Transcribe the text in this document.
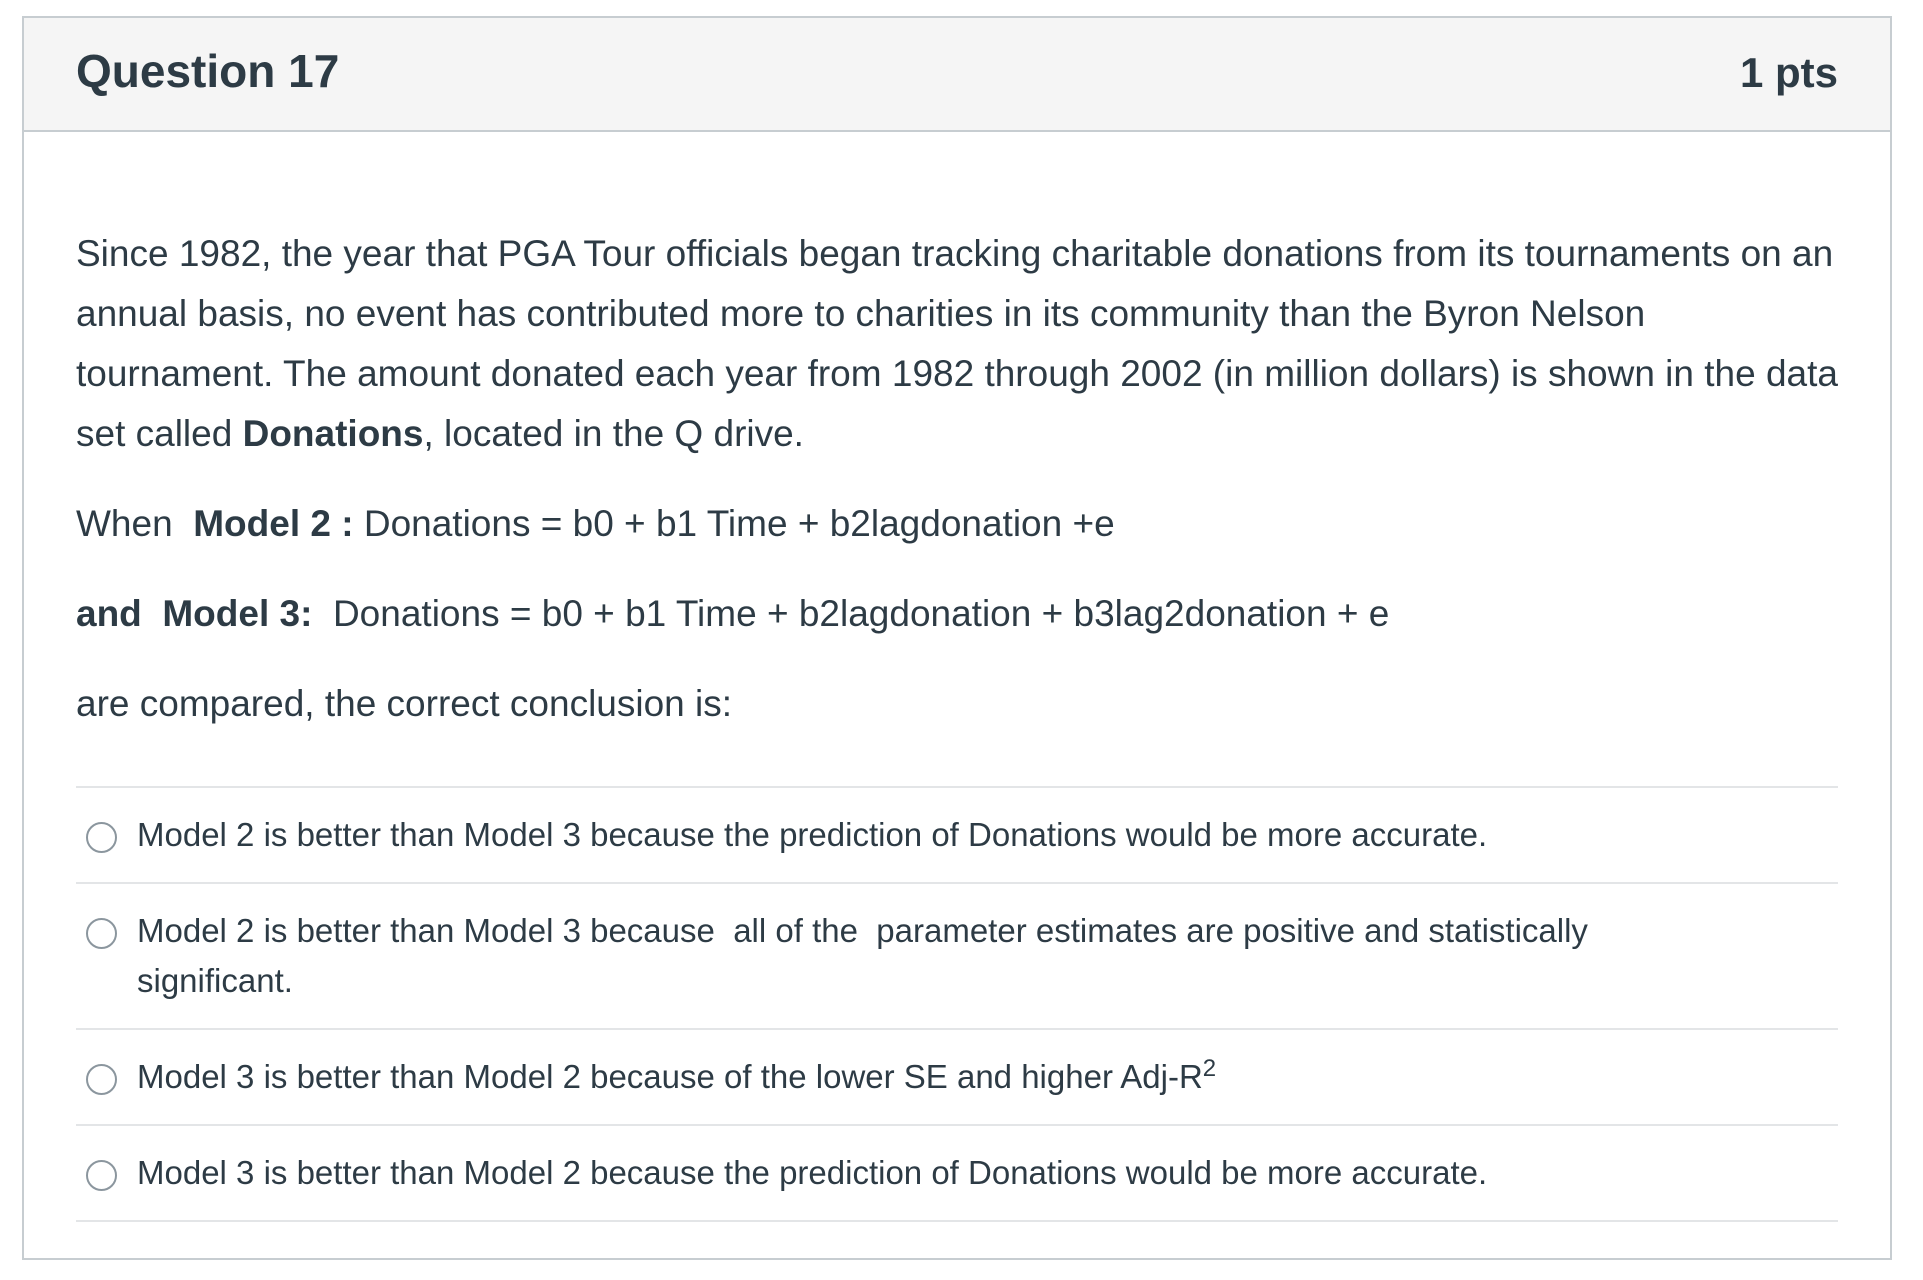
Question 17	1 pts

Since 1982, the year that PGA Tour officials began tracking charitable donations from its tournaments on an annual basis, no event has contributed more to charities in its community than the Byron Nelson tournament. The amount donated each year from 1982 through 2002 (in million dollars) is shown in the data set called Donations, located in the Q drive.

When  Model 2 : Donations = b0 + b1 Time + b2lagdonation +e

and  Model 3:  Donations = b0 + b1 Time + b2lagdonation + b3lag2donation + e

are compared, the correct conclusion is:

Model 2 is better than Model 3 because the prediction of Donations would be more accurate.
Model 2 is better than Model 3 because  all of the  parameter estimates are positive and statistically significant.
Model 3 is better than Model 2 because of the lower SE and higher Adj-$R^2$
Model 3 is better than Model 2 because the prediction of Donations would be more accurate.
